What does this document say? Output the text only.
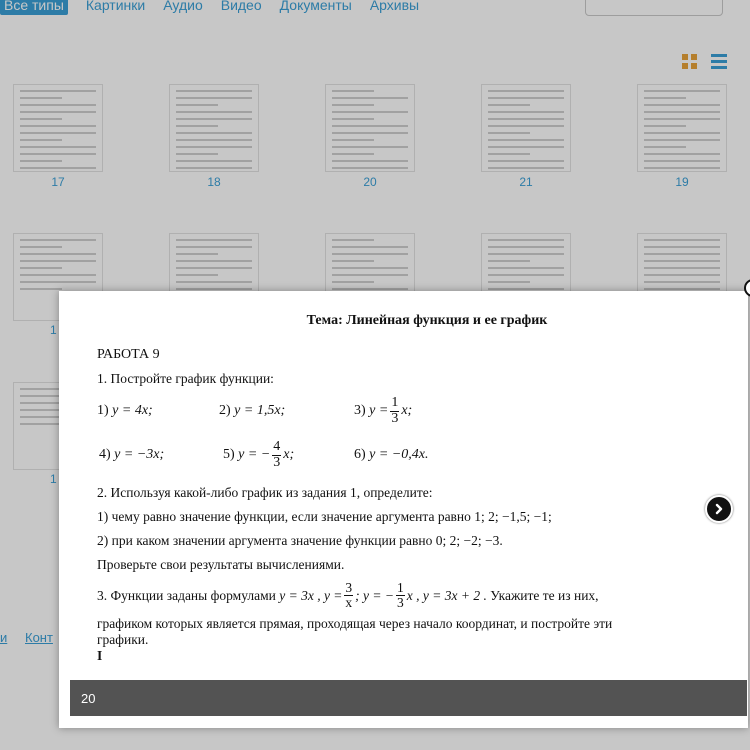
Все типы Картинки Аудио Видео Документы Архивы
17	18	20	21	19
1
1
и Конт
Тема: Линейная функция и ее график
РАБОТА 9
1. Постройте график функции:
1)
y = 4x;	2)
y = 1,5x;	3)
$y = \frac{1}{3} x$;
4)
y = −3x;	5)
y = − $\frac{4}{3} x$;	6)
y = −0,4x.
2. Используя какой-либо график из задания 1, определите:
1) чему равно значение функции, если значение аргумента равно 1; 2; −1,5; −1;
2) при каком значении аргумента значение функции равно 0; 2; −2; −3.
Проверьте свои результаты вычислениями.
3. Функции заданы формулами
y = 3x ,
$y = \frac{3}{x}$ ;
y = − $\frac{1}{3}$ x ,
y = 3x + 2 .
Укажите те из них,
графиком которых является прямая, проходящая через начало координат, и постройте эти
графики.
I
20
